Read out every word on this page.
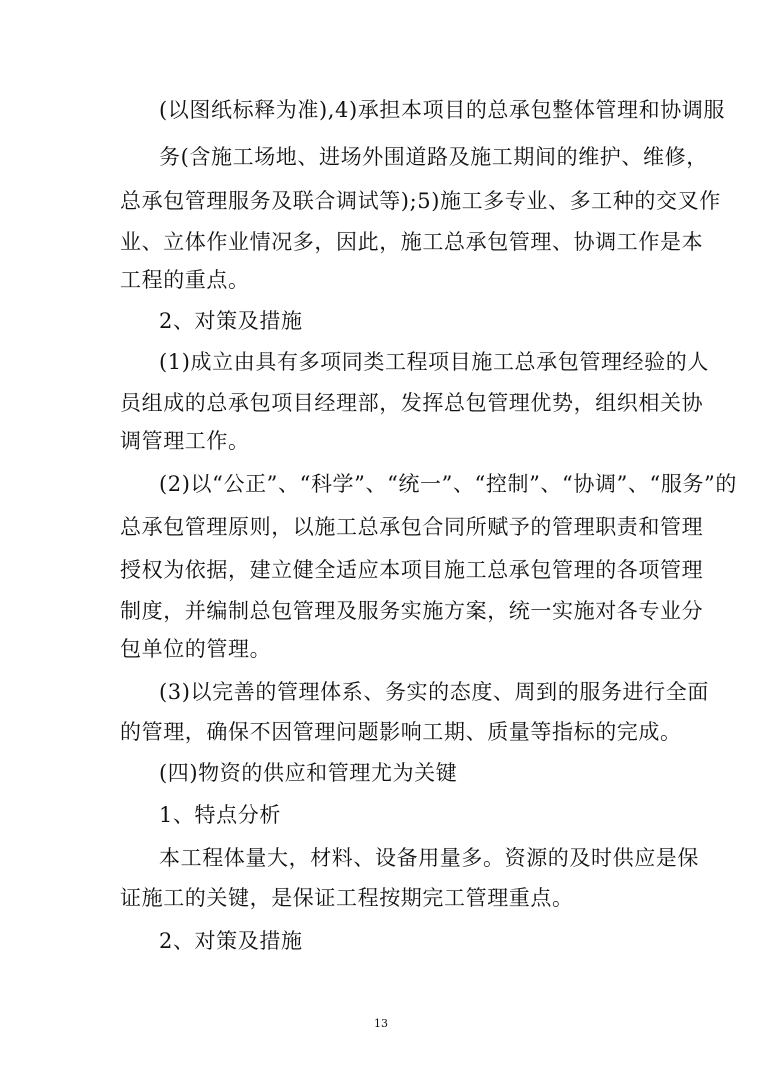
(以图纸标释为准),4)承担本项目的总承包整体管理和协调服
务(含施工场地、进场外围道路及施工期间的维护、维修，
总承包管理服务及联合调试等);5)施工多专业、多工种的交叉作
业、立体作业情况多，因此，施工总承包管理、协调工作是本
工程的重点。
2、对策及措施
(1)成立由具有多项同类工程项目施工总承包管理经验的人
员组成的总承包项目经理部，发挥总包管理优势，组织相关协
调管理工作。
(2)以“公正”、“科学”、“统一”、“控制”、“协调”、“服务”的
总承包管理原则，以施工总承包合同所赋予的管理职责和管理
授权为依据，建立健全适应本项目施工总承包管理的各项管理
制度，并编制总包管理及服务实施方案，统一实施对各专业分
包单位的管理。
(3)以完善的管理体系、务实的态度、周到的服务进行全面
的管理，确保不因管理问题影响工期、质量等指标的完成。
(四)物资的供应和管理尤为关键
1、特点分析
本工程体量大，材料、设备用量多。资源的及时供应是保
证施工的关键，是保证工程按期完工管理重点。
2、对策及措施
13
